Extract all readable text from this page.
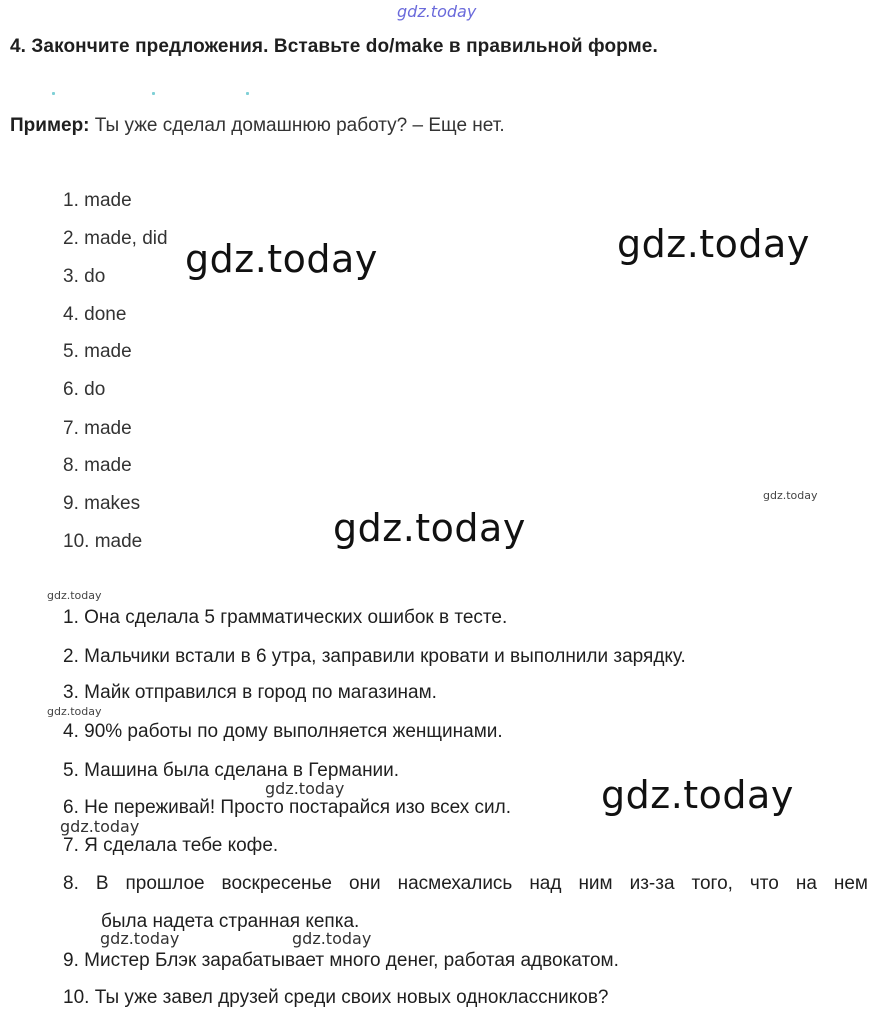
gdz.today
4. Закончите предложения. Вставьте do/make в правильной форме.
Пример: Ты уже сделал домашнюю работу? – Еще нет.
1. made
2. made, did
3. do
4. done
5. made
6. do
7. made
8. made
9. makes
10. made
1. Она сделала 5 грамматических ошибок в тесте.
2. Мальчики встали в 6 утра, заправили кровати и выполнили зарядку.
3. Майк отправился в город по магазинам.
4. 90% работы по дому выполняется женщинами.
5. Машина была сделана в Германии.
6. Не переживай! Просто постарайся изо всех сил.
7. Я сделала тебе кофе.
8. В прошлое воскресенье они насмехались над ним из-за того, что на нем
была надета странная кепка.
9. Мистер Блэк зарабатывает много денег, работая адвокатом.
10. Ты уже завел друзей среди своих новых одноклассников?
gdz.today	gdz.today
gdz.today
gdz.today
gdz.today
gdz.today
gdz.today
gdz.today
gdz.today
gdz.today	gdz.today
